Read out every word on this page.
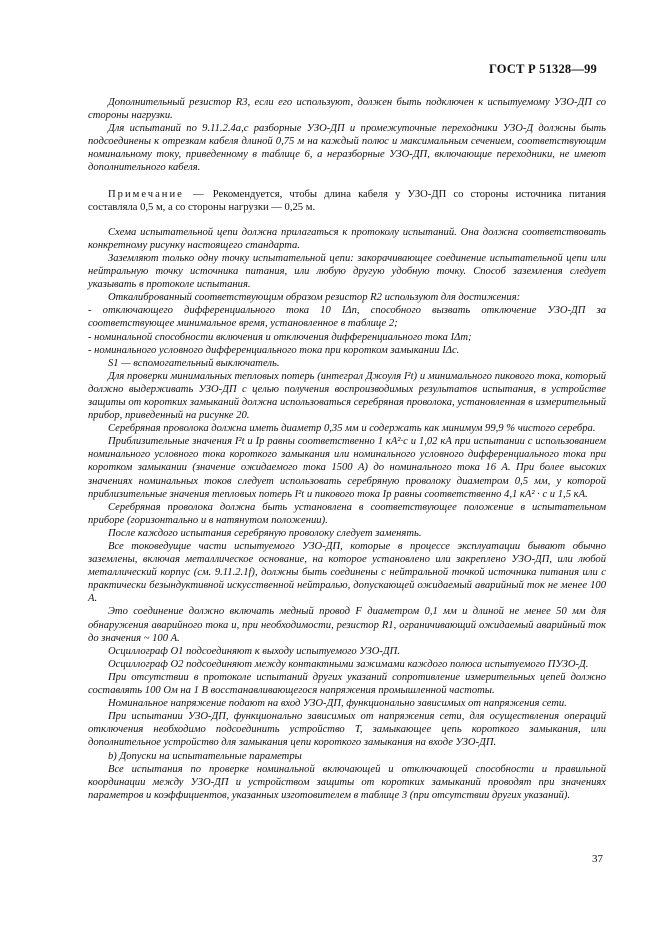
ГОСТ Р 51328—99

Дополнительный резистор R3, если его используют, должен быть подключен к испытуемому УЗО-ДП со стороны нагрузки.

Для испытаний по 9.11.2.4а,с разборные УЗО-ДП и промежуточные переходники УЗО-Д должны быть подсоединены к отрезкам кабеля длиной 0,75 м на каждый полюс и максимальным сечением, соответствующим номинальному току, приведенному в таблице 6, а неразборные УЗО-ДП, включающие переходники, не имеют дополнительного кабеля.

Примечание — Рекомендуется, чтобы длина кабеля у УЗО-ДП со стороны источника питания составляла 0,5 м, а со стороны нагрузки — 0,25 м.

Схема испытательной цепи должна прилагаться к протоколу испытаний. Она должна соответствовать конкретному рисунку настоящего стандарта.

Заземляют только одну точку испытательной цепи: закорачивающее соединение испытательной цепи или нейтральную точку источника питания, или любую другую удобную точку. Способ заземления следует указывать в протоколе испытания.

Откалиброванный соответствующим образом резистор R2 используют для достижения:

- отключающего дифференциального тока 10 IΔn, способного вызвать отключение УЗО-ДП за соответствующее минимальное время, установленное в таблице 2;

- номинальной способности включения и отключения дифференциального тока IΔm;

- номинального условного дифференциального тока при коротком замыкании IΔc.

S1 — вспомогательный выключатель.

Для проверки минимальных тепловых потерь (интеграл Джоуля I²t) и минимального пикового тока, который должно выдерживать УЗО-ДП с целью получения воспроизводимых результатов испытания, в устройстве защиты от коротких замыканий должна использоваться серебряная проволока, установленная в измерительный прибор, приведенный на рисунке 20.

Серебряная проволока должна иметь диаметр 0,35 мм и содержать как минимум 99,9 % чистого серебра.

Приблизительные значения I²t и Ip равны соответственно 1 кА²·с и 1,02 кА при испытании с использованием номинального условного тока короткого замыкания или номинального условного дифференциального тока при коротком замыкании (значение ожидаемого тока 1500 А) до номинального тока 16 А. При более высоких значениях номинальных токов следует использовать серебряную проволоку диаметром 0,5 мм, у которой приблизительные значения тепловых потерь I²t и пикового тока Ip равны соответственно 4,1 кА² · с и 1,5 кА.

Серебряная проволока должна быть установлена в соответствующее положение в испытательном приборе (горизонтально и в натянутом положении).

После каждого испытания серебряную проволоку следует заменять.

Все токоведущие части испытуемого УЗО-ДП, которые в процессе эксплуатации бывают обычно заземлены, включая металлическое основание, на которое установлено или закреплено УЗО-ДП, или любой металлический корпус (см. 9.11.2.1f), должны быть соединены с нейтральной точкой источника питания или с практически безындуктивной искусственной нейтралью, допускающей ожидаемый аварийный ток не менее 100 А.

Это соединение должно включать медный провод F диаметром 0,1 мм и длиной не менее 50 мм для обнаружения аварийного тока и, при необходимости, резистор R1, ограничивающий ожидаемый аварийный ток до значения ~ 100 А.

Осциллограф O1 подсоединяют к выходу испытуемого УЗО-ДП.

Осциллограф O2 подсоединяют между контактными зажимами каждого полюса испытуемого ПУЗО-Д.

При отсутствии в протоколе испытаний других указаний сопротивление измерительных цепей должно составлять 100 Ом на 1 В восстанавливающегося напряжения промышленной частоты.

Номинальное напряжение подают на вход УЗО-ДП, функционально зависимых от напряжения сети.

При испытании УЗО-ДП, функционально зависимых от напряжения сети, для осуществления операций отключения необходимо подсоединить устройство T, замыкающее цепь короткого замыкания, или дополнительное устройство для замыкания цепи короткого замыкания на входе УЗО-ДП.

b) Допуски на испытательные параметры

Все испытания по проверке номинальной включающей и отключающей способности и правильной координации между УЗО-ДП и устройством защиты от коротких замыканий проводят при значениях параметров и коэффициентов, указанных изготовителем в таблице 3 (при отсутствии других указаний).

37
